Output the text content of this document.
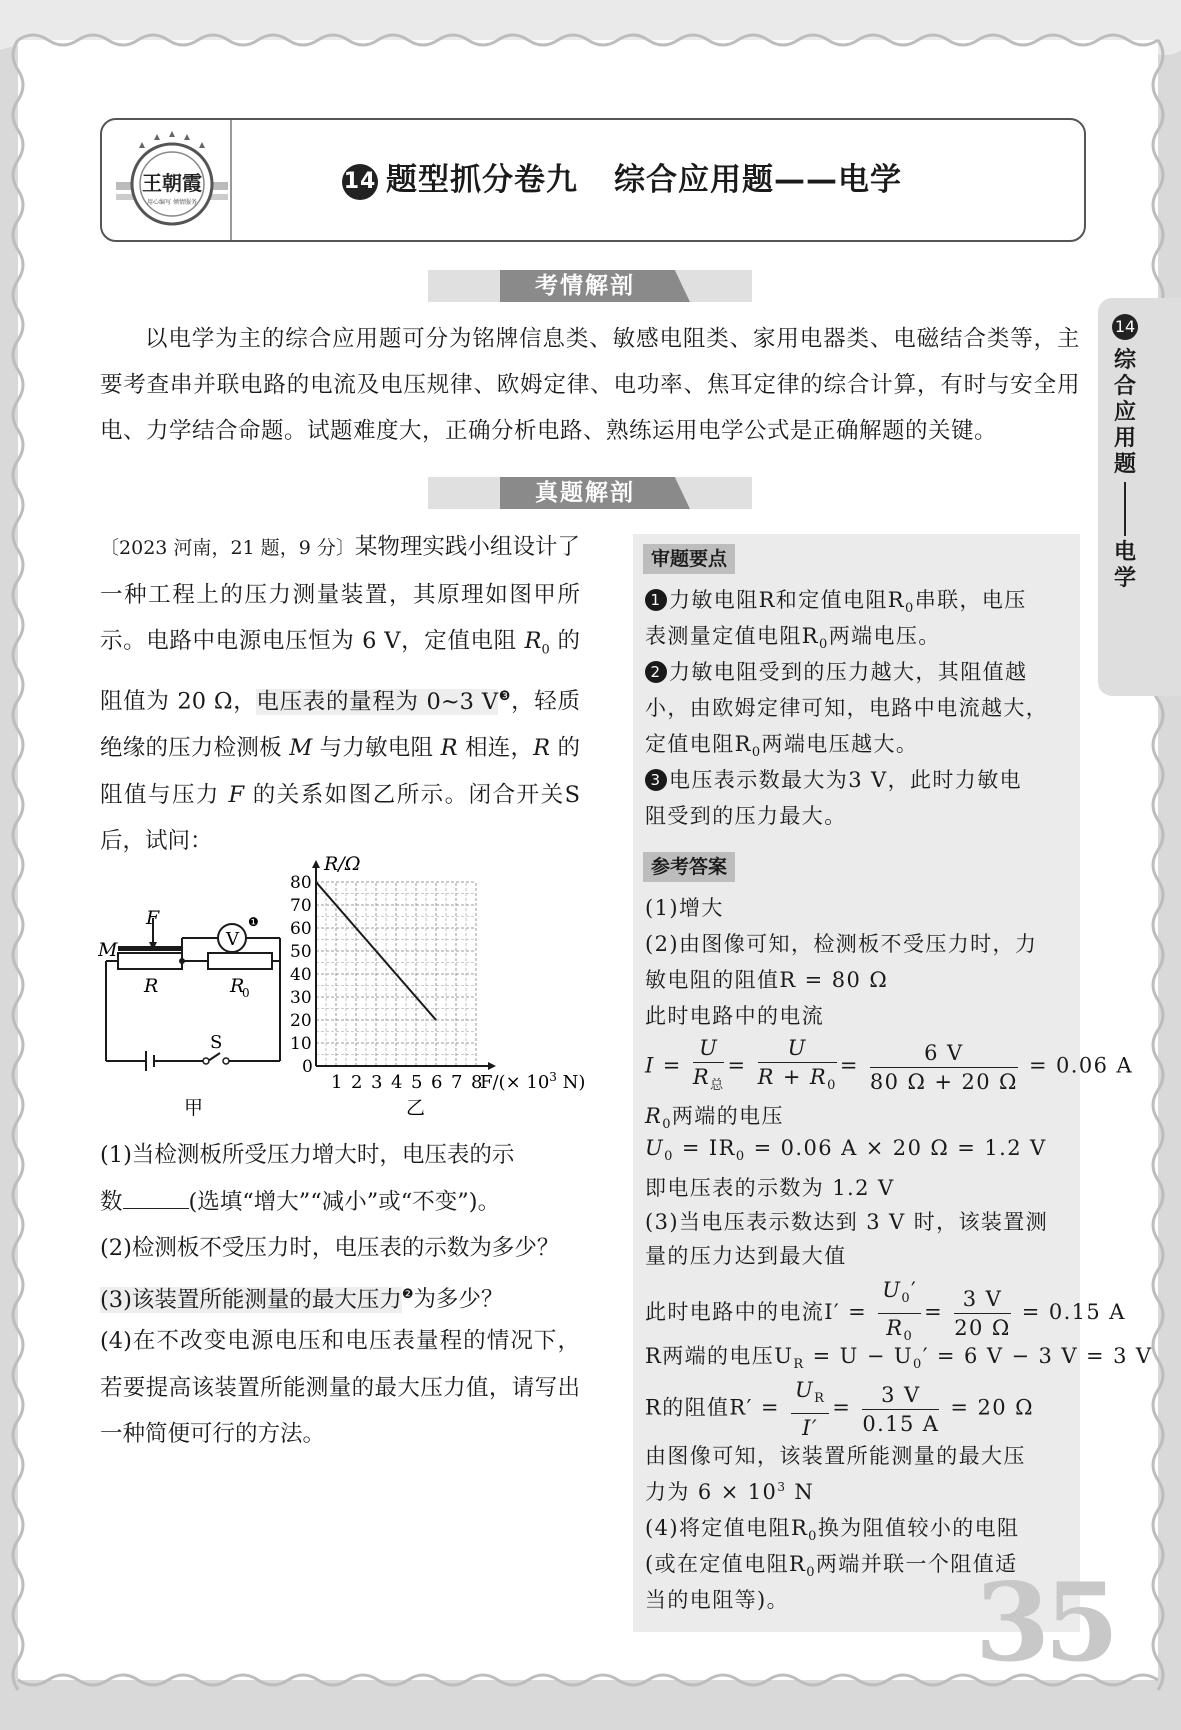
王朝霞
用心编写 倾情服务
14 题型抓分卷九 综合应用题——电学
考情解剖
以电学为主的综合应用题可分为铭牌信息类、敏感电阻类、家用电器类、电磁结合类等，主要考查串并联电路的电流及电压规律、欧姆定律、电功率、焦耳定律的综合计算，有时与安全用电、力学结合命题。试题难度大，正确分析电路、熟练运用电学公式是正确解题的关键。
真题解剖
14
综
合
应
用
题
电
学
〔2023 河南，21 题，9 分〕某物理实践小组设计了一种工程上的压力测量装置，其原理如图甲所示。电路中电源电压恒为 6 V，定值电阻 $R_0$ 的阻值为 20 Ω，电压表的量程为 0~3 $V^❸$，轻质绝缘的压力检测板 M 与力敏电阻 R 相连，R 的阻值与压力 F 的关系如图乙所示。闭合开关S后，试问：
M
F
V
❶
R	R
0
S
甲
1 2 3 4 5 6 7 8
80
70
60
50
40
30
20
10
0
R/Ω
$F/(\times 10^3$ N)
乙
(1)当检测板所受压力增大时，电压表的示
数	(选填“增大”“减小”或“不变”)。
(2)检测板不受压力时，电压表的示数为多少？
(3)该装置所能测量的最大压力$^❷$为多少？
(4)在不改变电源电压和电压表量程的情况下，若要提高该装置所能测量的最大压力值，请写出一种简便可行的方法。
审题要点
1 力敏电阻R和定值电阻$R_0$串联，电压
表测量定值电阻$R_0$两端电压。
2 力敏电阻受到的压力越大，其阻值越
小，由欧姆定律可知，电路中电流越大，
定值电阻$R_0$两端电压越大。
3 电压表示数最大为3 V，此时力敏电
阻受到的压力最大。
参考答案
(1)增大
(2)由图像可知，检测板不受压力时，力
敏电阻的阻值R = 80 Ω
此时电路中的电流
$I = \frac{U}{R_总} = \frac{U}{R + R_0} = \frac{6 V}{80 \Omega + 20 \Omega} = 0.06$ A
$R_0$两端的电压
$U_0 = IR_0 = 0.06$ A × 20 Ω = 1.2 V
即电压表的示数为 1.2 V
(3)当电压表示数达到 3 V 时，该装置测
量的压力达到最大值
此时电路中的电流$I' = \frac{U_0'}{R_0} = \frac{3 V}{20 \Omega} = 0.15$ A
R两端的电压$U_R = U - U_0' = 6$ V − 3 V = 3 V
R的阻值$R' = \frac{U_R}{I'} = \frac{3 V}{0.15 A} = 20$ Ω
由图像可知，该装置所能测量的最大压
力为 $6 \times 10^3$ N
(4)将定值电阻$R_0$换为阻值较小的电阻
(或在定值电阻$R_0$两端并联一个阻值适
当的电阻等)。 35
